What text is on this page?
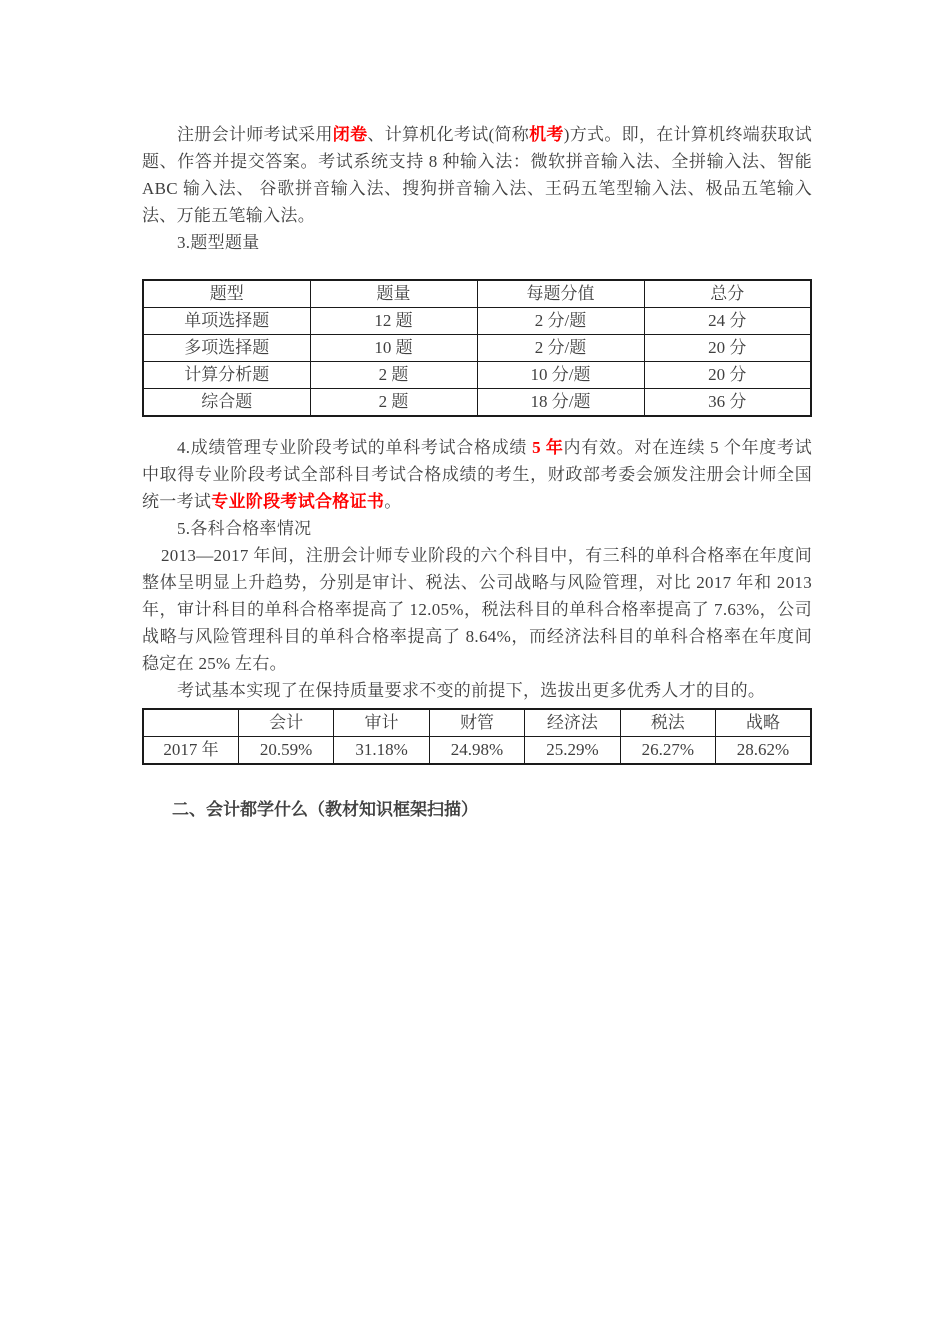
注册会计师考试采用闭卷、计算机化考试(简称机考)方式。即，在计算机终端获取试题、作答并提交答案。考试系统支持 8 种输入法：微软拼音输入法、全拼输入法、智能 ABC 输入法、 谷歌拼音输入法、搜狗拼音输入法、王码五笔型输入法、极品五笔输入法、万能五笔输入法。

3.题型题量

题型	题量	每题分值	总分
单项选择题	12 题	2 分/题	24 分
多项选择题	10 题	2 分/题	20 分
计算分析题	2 题	10 分/题	20 分
综合题	2 题	18 分/题	36 分

4.成绩管理专业阶段考试的单科考试合格成绩 5 年内有效。对在连续 5 个年度考试中取得专业阶段考试全部科目考试合格成绩的考生，财政部考委会颁发注册会计师全国统一考试专业阶段考试合格证书。

5.各科合格率情况

2013—2017 年间，注册会计师专业阶段的六个科目中，有三科的单科合格率在年度间整体呈明显上升趋势，分别是审计、税法、公司战略与风险管理，对比 2017 年和 2013 年，审计科目的单科合格率提高了 12.05%，税法科目的单科合格率提高了 7.63%，公司战略与风险管理科目的单科合格率提高了 8.64%，而经济法科目的单科合格率在年度间稳定在 25% 左右。

考试基本实现了在保持质量要求不变的前提下，选拔出更多优秀人才的目的。

	会计	审计	财管	经济法	税法	战略
2017 年	20.59%	31.18%	24.98%	25.29%	26.27%	28.62%
二、会计都学什么（教材知识框架扫描）
